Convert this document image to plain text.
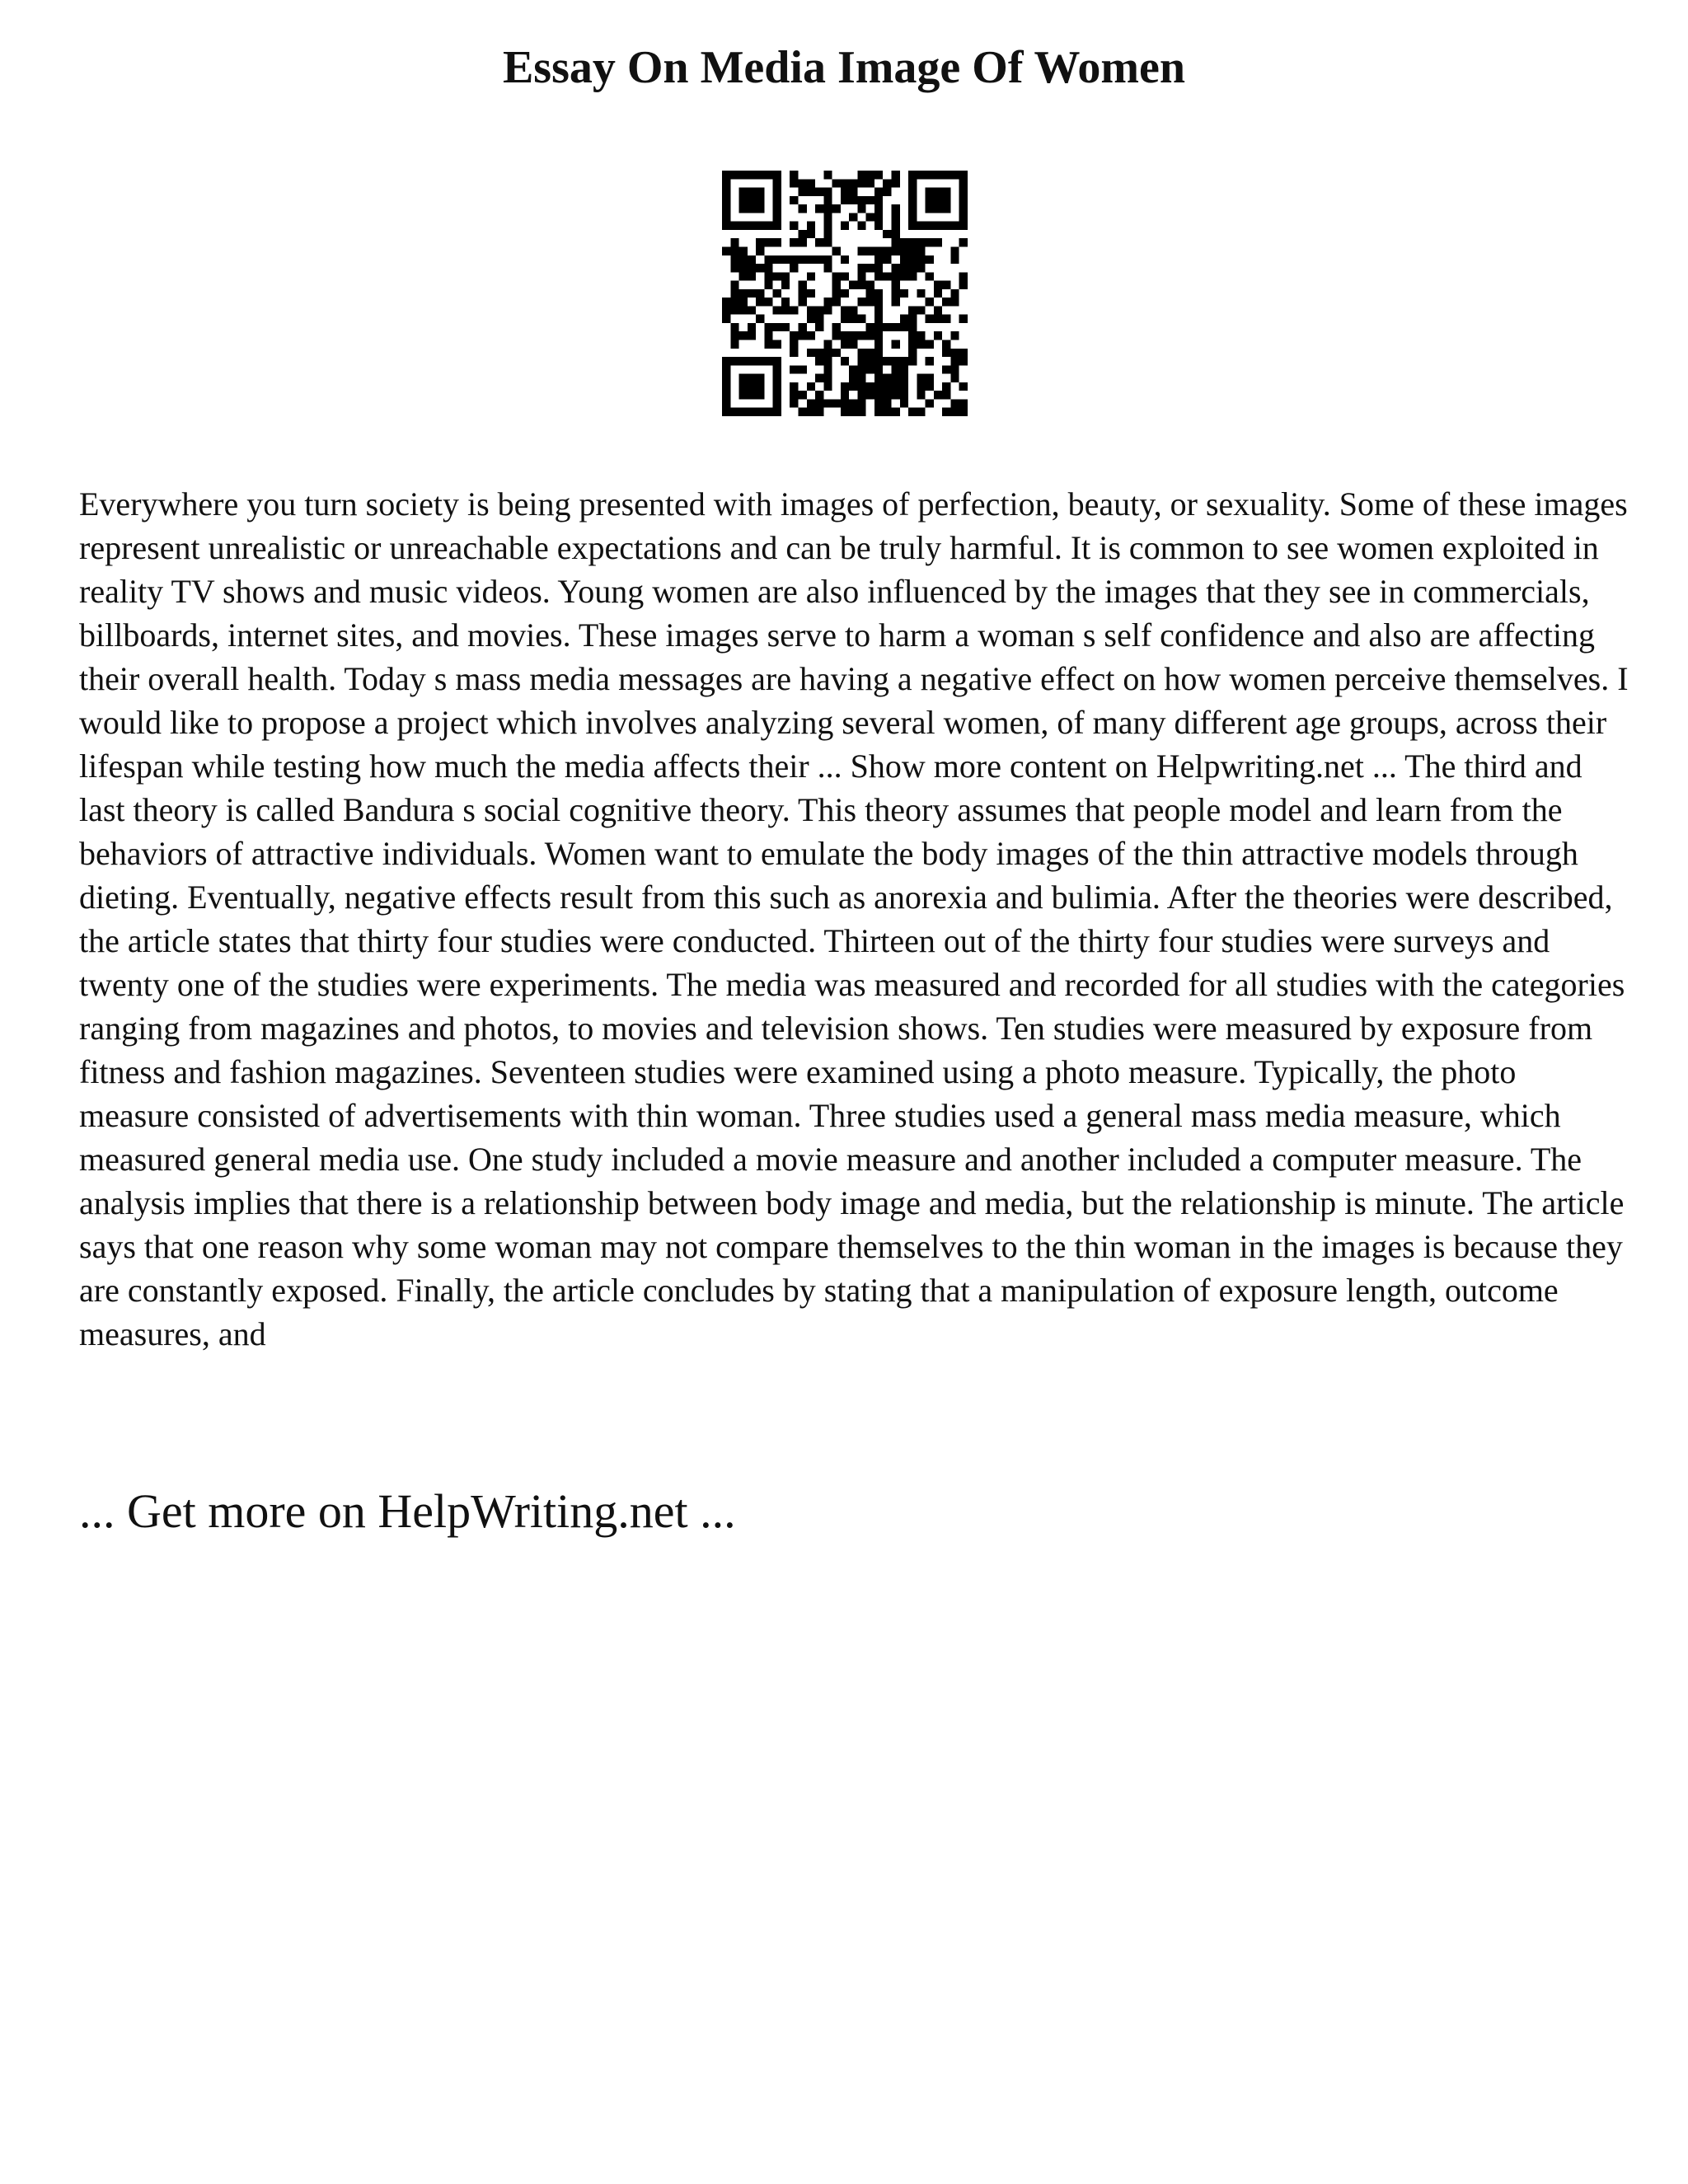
Essay On Media Image Of Women

Everywhere you turn society is being presented with images of perfection, beauty, or sexuality. Some of these images represent unrealistic or unreachable expectations and can be truly harmful. It is common to see women exploited in reality TV shows and music videos. Young women are also influenced by the images that they see in commercials, billboards, internet sites, and movies. These images serve to harm a woman s self confidence and also are affecting their overall health. Today s mass media messages are having a negative effect on how women perceive themselves. I would like to propose a project which involves analyzing several women, of many different age groups, across their lifespan while testing how much the media affects their ... Show more content on Helpwriting.net ... The third and last theory is called Bandura s social cognitive theory. This theory assumes that people model and learn from the behaviors of attractive individuals. Women want to emulate the body images of the thin attractive models through dieting. Eventually, negative effects result from this such as anorexia and bulimia. After the theories were described, the article states that thirty four studies were conducted. Thirteen out of the thirty four studies were surveys and twenty one of the studies were experiments. The media was measured and recorded for all studies with the categories ranging from magazines and photos, to movies and television shows. Ten studies were measured by exposure from fitness and fashion magazines. Seventeen studies were examined using a photo measure. Typically, the photo measure consisted of advertisements with thin woman. Three studies used a general mass media measure, which measured general media use. One study included a movie measure and another included a computer measure. The analysis implies that there is a relationship between body image and media, but the relationship is minute. The article says that one reason why some woman may not compare themselves to the thin woman in the images is because they are constantly exposed. Finally, the article concludes by stating that a manipulation of exposure length, outcome measures, and

... Get more on HelpWriting.net ...
